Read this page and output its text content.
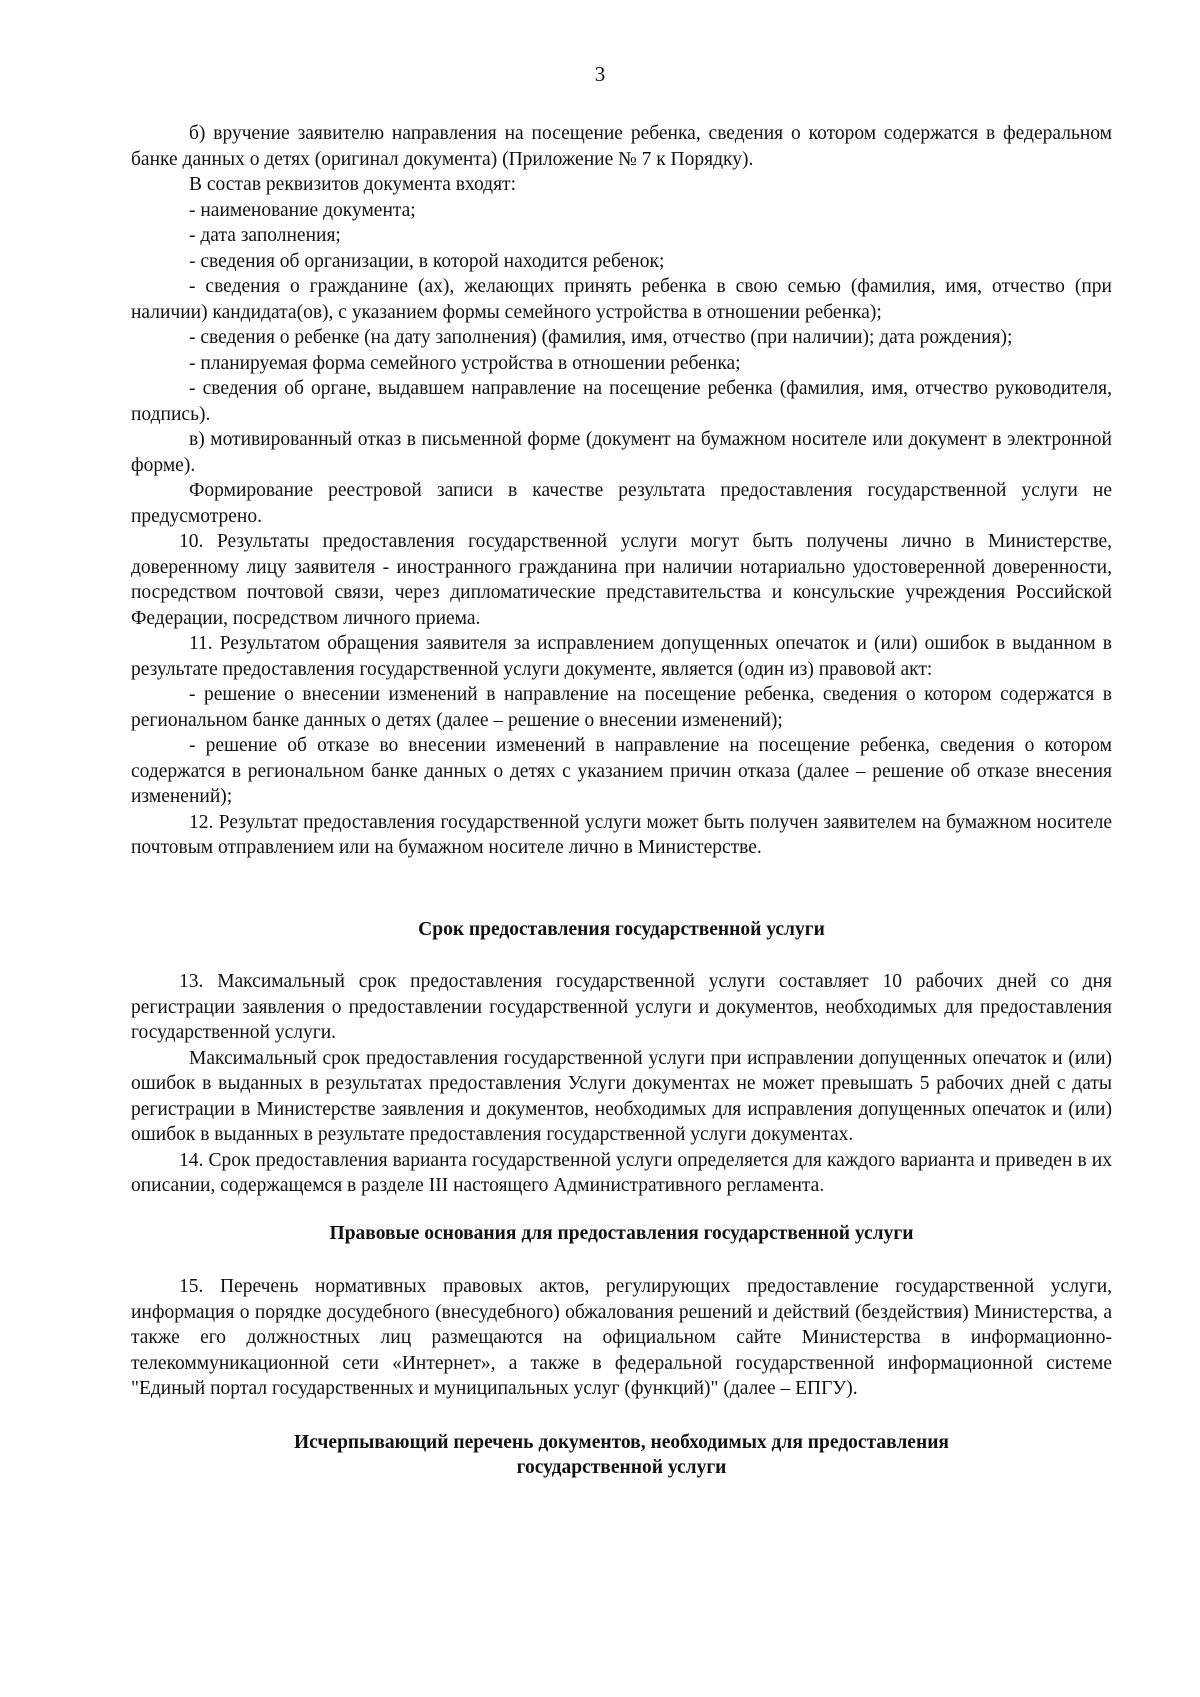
3

б) вручение заявителю направления на посещение ребенка, сведения о котором содержатся в федеральном банке данных о детях (оригинал документа) (Приложение № 7 к Порядку).

В состав реквизитов документа входят:

- наименование документа;

- дата заполнения;

- сведения об организации, в которой находится ребенок;

- сведения о гражданине (ах), желающих принять ребенка в свою семью (фамилия, имя, отчество (при наличии) кандидата(ов), с указанием формы семейного устройства в отношении ребенка);

- сведения о ребенке (на дату заполнения) (фамилия, имя, отчество (при наличии); дата рождения);

- планируемая форма семейного устройства в отношении ребенка;

- сведения об органе, выдавшем направление на посещение ребенка (фамилия, имя, отчество руководителя, подпись).

в) мотивированный отказ в письменной форме (документ на бумажном носителе или документ в электронной форме).

Формирование реестровой записи в качестве результата предоставления государственной услуги не предусмотрено.

10. Результаты предоставления государственной услуги могут быть получены лично в Министерстве, доверенному лицу заявителя - иностранного гражданина при наличии нотариально удостоверенной доверенности, посредством почтовой связи, через дипломатические представительства и консульские учреждения Российской Федерации, посредством личного приема.

11. Результатом обращения заявителя за исправлением допущенных опечаток и (или) ошибок в выданном в результате предоставления государственной услуги документе, является (один из) правовой акт:

- решение о внесении изменений в направление на посещение ребенка, сведения о котором содержатся в региональном банке данных о детях (далее – решение о внесении изменений);

- решение об отказе во внесении изменений в направление на посещение ребенка, сведения о котором содержатся в региональном банке данных о детях с указанием причин отказа (далее – решение об отказе внесения изменений);

12. Результат предоставления государственной услуги может быть получен заявителем на бумажном носителе почтовым отправлением или на бумажном носителе лично в Министерстве.

Срок предоставления государственной услуги

13. Максимальный срок предоставления государственной услуги составляет 10 рабочих дней со дня регистрации заявления о предоставлении государственной услуги и документов, необходимых для предоставления государственной услуги.

Максимальный срок предоставления государственной услуги при исправлении допущенных опечаток и (или) ошибок в выданных в результатах предоставления Услуги документах не может превышать 5 рабочих дней с даты регистрации в Министерстве заявления и документов, необходимых для исправления допущенных опечаток и (или) ошибок в выданных в результате предоставления государственной услуги документах.

14. Срок предоставления варианта государственной услуги определяется для каждого варианта и приведен в их описании, содержащемся в разделе III настоящего Административного регламента.

Правовые основания для предоставления государственной услуги

15. Перечень нормативных правовых актов, регулирующих предоставление государственной услуги, информация о порядке досудебного (внесудебного) обжалования решений и действий (бездействия) Министерства, а также его должностных лиц размещаются на официальном сайте Министерства в информационно-телекоммуникационной сети «Интернет», а также в федеральной государственной информационной системе "Единый портал государственных и муниципальных услуг (функций)" (далее – ЕПГУ).

Исчерпывающий перечень документов, необходимых для предоставления
государственной услуги
